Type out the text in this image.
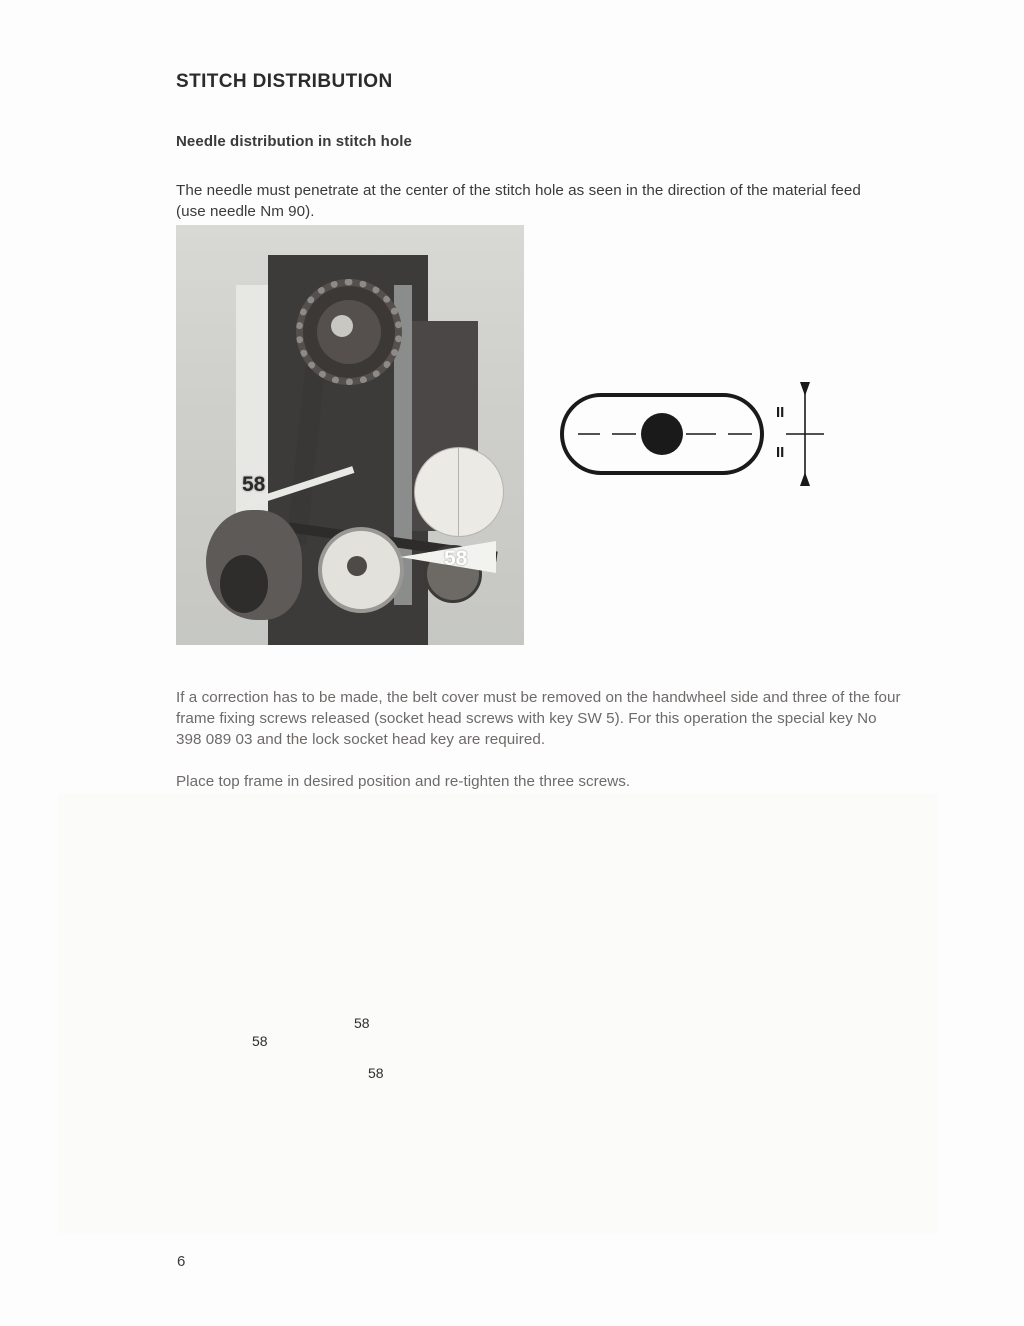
STITCH DISTRIBUTION
Needle distribution in stitch hole

The needle must penetrate at the center of the stitch hole as seen in the direction of the material feed (use needle Nm 90).

58
58
II
II

If a correction has to be made, the belt cover must be removed on the handwheel side and three of the four frame fixing screws released (socket head screws with key SW 5). For this operation the special key No 398 089 03 and the lock socket head key are required.

Place top frame in desired position and re-tighten the three screws.

58
58
58
6
